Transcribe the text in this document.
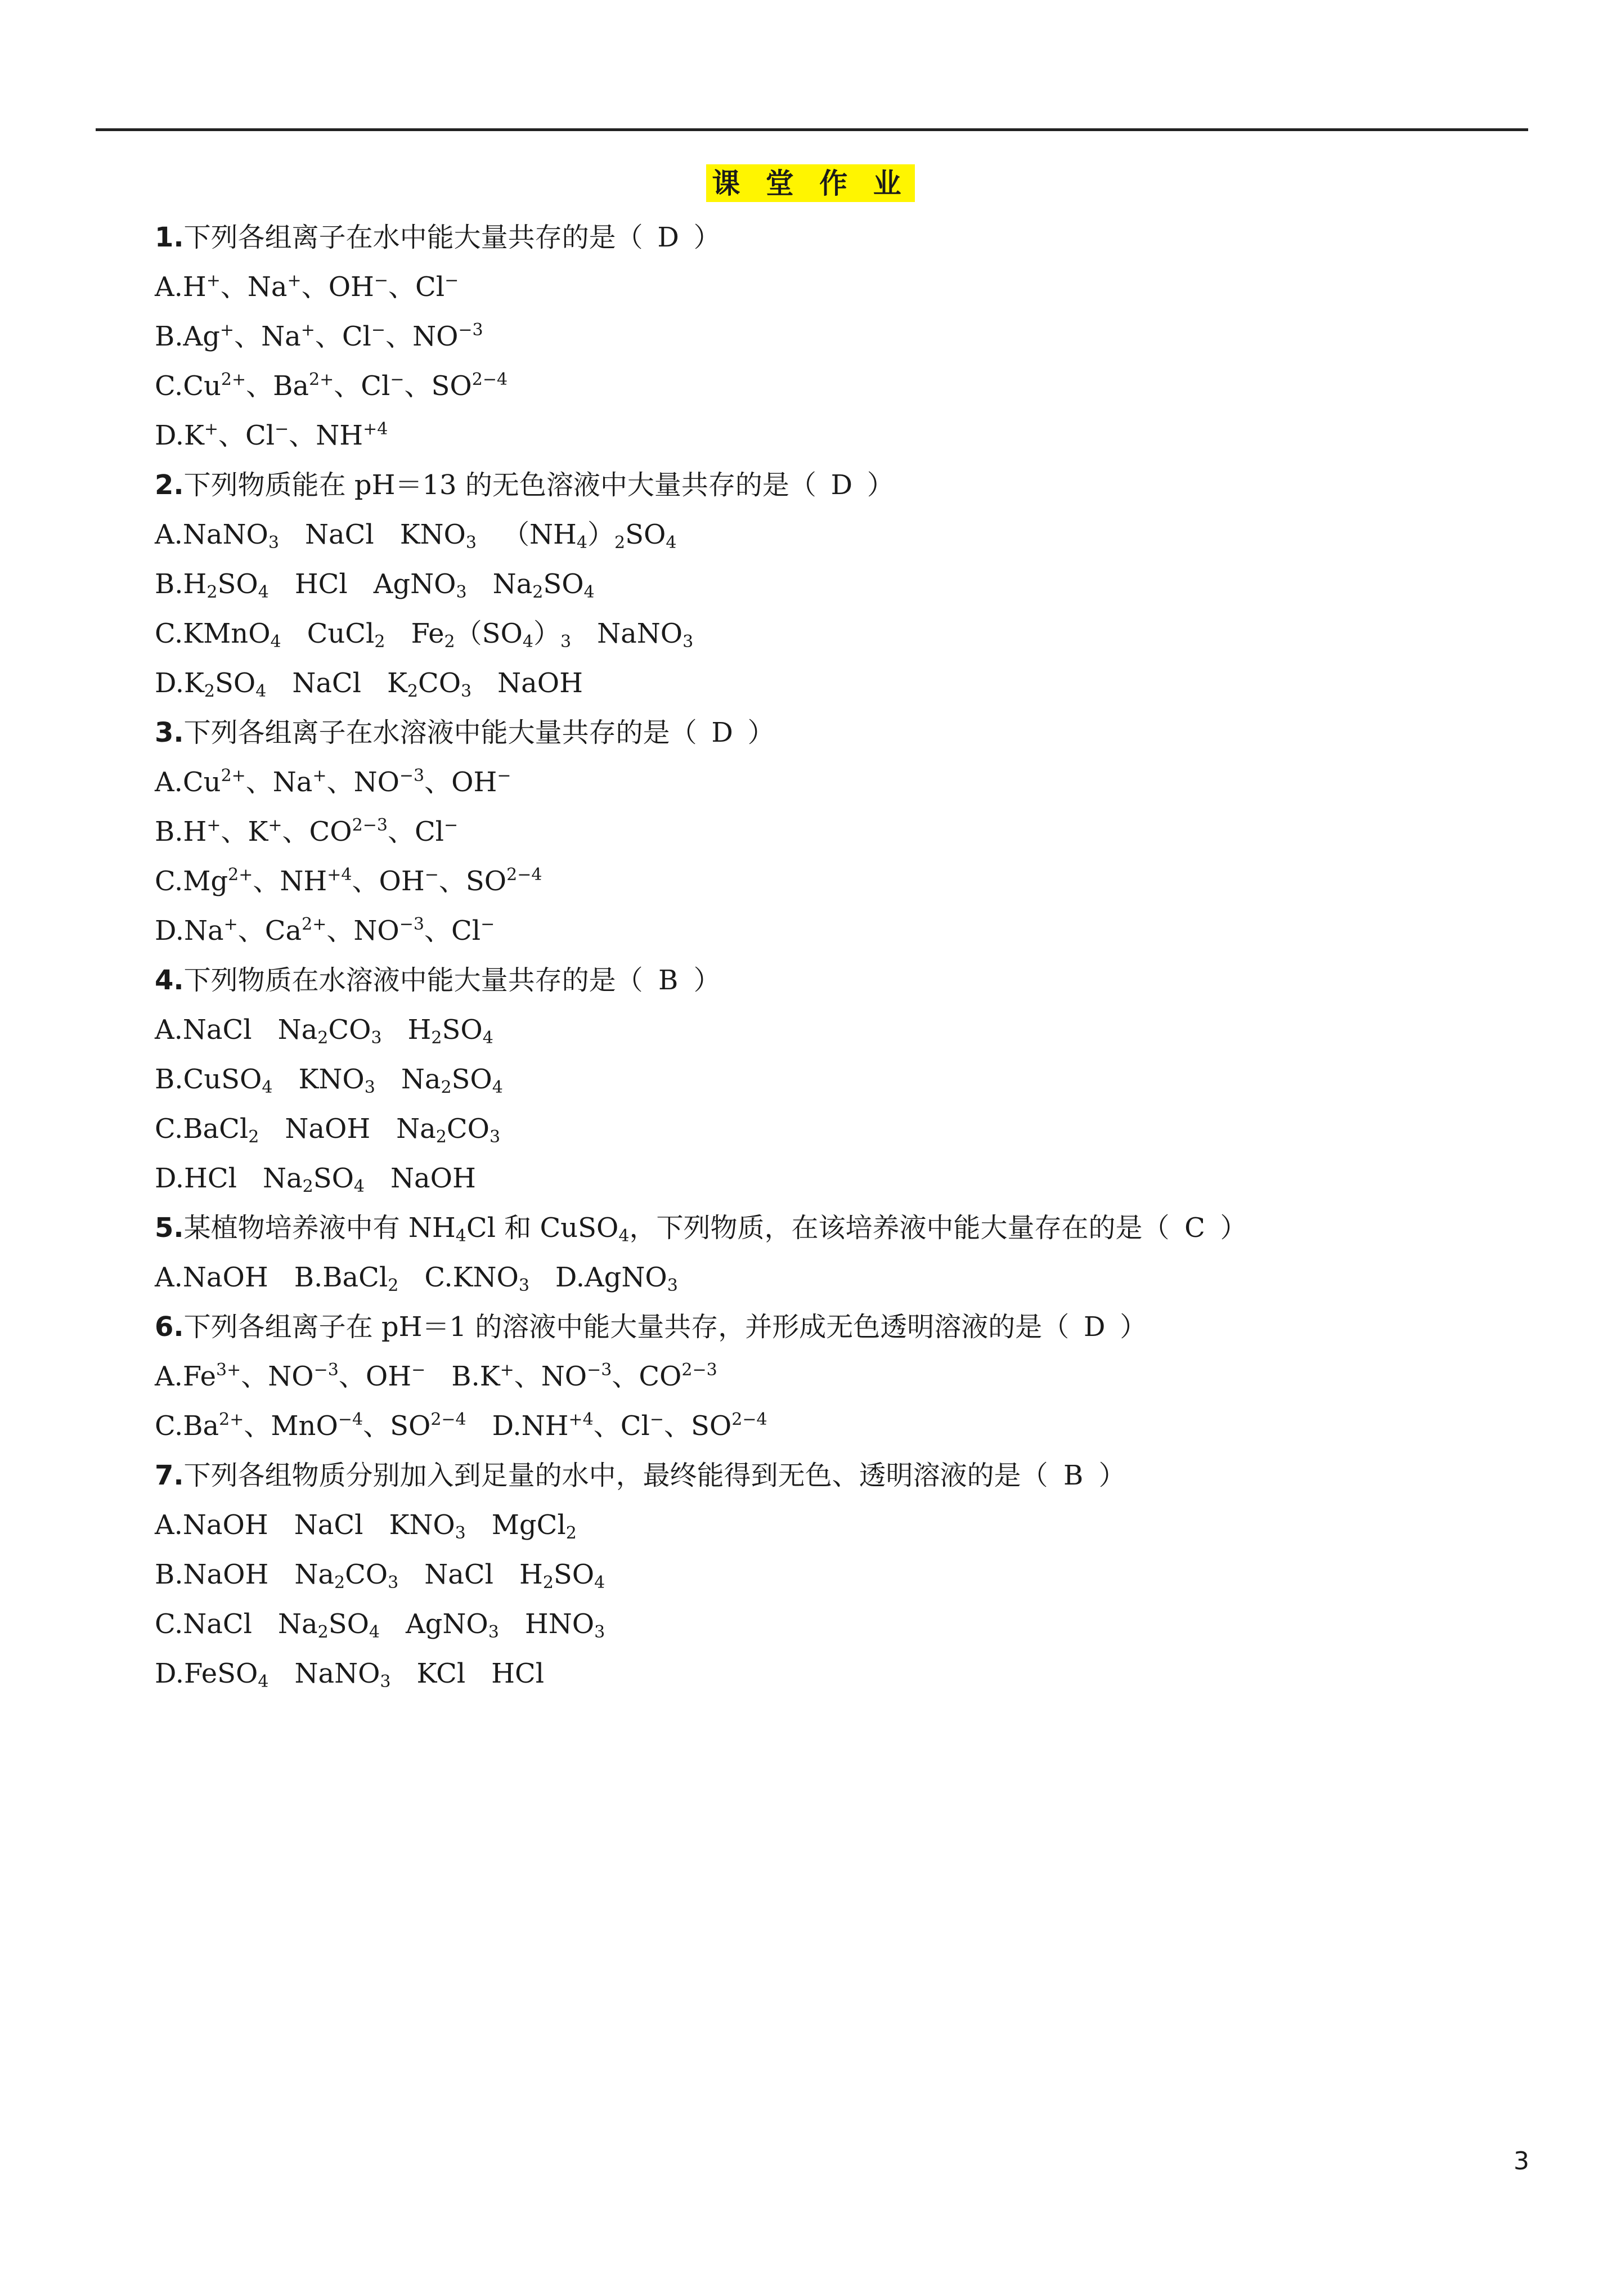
课 堂 作 业
1.下列各组离子在水中能大量共存的是（ D ）
A.H+、Na+、OH−、Cl−
B.Ag+、Na+、Cl−、$NO^{-3}$
$C.Cu^{2+}$、$Ba^{2+}$、Cl−、$SO^{2-4}$
D.K+、Cl−、$NH^{+4}$
2.下列物质能在 pH＝13 的无色溶液中大量共存的是（ D ）
A.NaNO$_3$ NaCl $KNO_3$ $(NH_4)_2SO_4$
$B.H_2SO_4$ HCl AgNO$_3$ $Na_2SO_4$
C.KMnO$_4$ CuCl$_2$ $Fe_2(SO_4)_3$ NaNO$_3$
$D.K_2SO_4$ NaCl $K_2CO_3$ NaOH
3.下列各组离子在水溶液中能大量共存的是（ D ）
$A.Cu^{2+}$、Na+、$NO^{-3}$、OH−
B.H+、K+、$CO^{2-3}$、Cl−
$C.Mg^{2+}$、$NH^{+4}$、OH−、$SO^{2-4}$
D.Na+、$Ca^{2+}$、$NO^{-3}$、Cl−
4.下列物质在水溶液中能大量共存的是（ B ）
A.NaCl $Na_2CO_3$ $H_2SO_4$
B.CuSO$_4$ $KNO_3$ $Na_2SO_4$
C.BaCl$_2$ NaOH $Na_2CO_3$
D.HCl $Na_2SO_4$ NaOH
5.某植物培养液中有 $NH_4Cl$ 和 CuSO$_4$，下列物质，在该培养液中能大量存在的是（ C ）
A.NaOH B.BaCl$_2$ $C.KNO_3$ D.AgNO$_3$
6.下列各组离子在 pH＝1 的溶液中能大量共存，并形成无色透明溶液的是（ D ）
$A.Fe^{3+}$、$NO^{-3}$、OH− B.K+、$NO^{-3}$、$CO^{2-3}$
$C.Ba^{2+}$、MnO$^{-4}$、$SO^{2-4}$ $D.NH^{+4}$、Cl−、$SO^{2-4}$
7.下列各组物质分别加入到足量的水中，最终能得到无色、透明溶液的是（ B ）
A.NaOH NaCl $KNO_3$ MgCl$_2$
B.NaOH $Na_2CO_3$ NaCl $H_2SO_4$
C.NaCl $Na_2SO_4$ AgNO$_3$ $HNO_3$
D.FeSO$_4$ NaNO$_3$ KCl HCl
3
